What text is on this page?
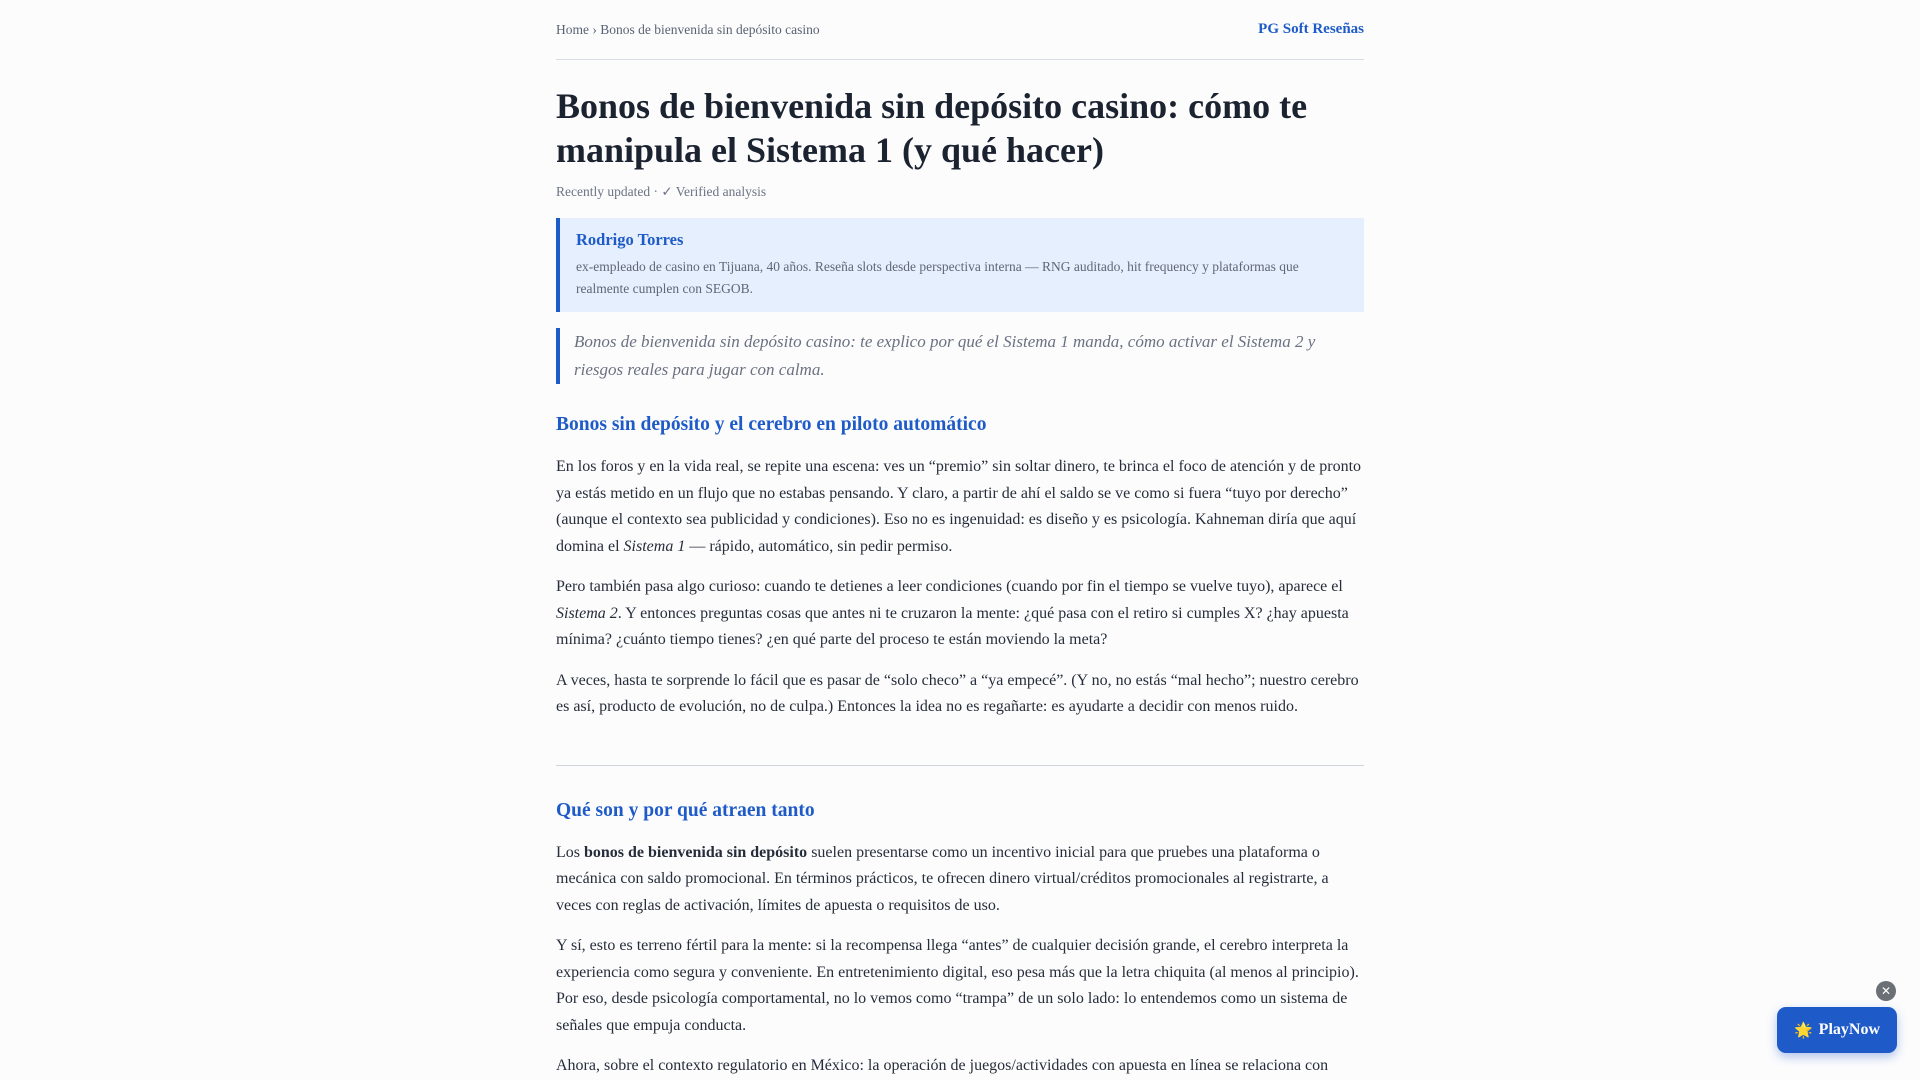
Home › Bonos de bienvenida sin depósito casino	PG Soft Reseñas
Bonos de bienvenida sin depósito casino: cómo te manipula el Sistema 1 (y qué hacer)
Recently updated · ✓ Verified analysis
Rodrigo Torres
ex-empleado de casino en Tijuana, 40 años. Reseña slots desde perspectiva interna — RNG auditado, hit frequency y plataformas que realmente cumplen con SEGOB.
Bonos de bienvenida sin depósito casino: te explico por qué el Sistema 1 manda, cómo activar el Sistema 2 y riesgos reales para jugar con calma.
Bonos sin depósito y el cerebro en piloto automático

En los foros y en la vida real, se repite una escena: ves un “premio” sin soltar dinero, te brinca el foco de atención y de pronto ya estás metido en un flujo que no estabas pensando. Y claro, a partir de ahí el saldo se ve como si fuera “tuyo por derecho” (aunque el contexto sea publicidad y condiciones). Eso no es ingenuidad: es diseño y es psicología. Kahneman diría que aquí domina el Sistema 1 — rápido, automático, sin pedir permiso.

Pero también pasa algo curioso: cuando te detienes a leer condiciones (cuando por fin el tiempo se vuelve tuyo), aparece el Sistema 2. Y entonces preguntas cosas que antes ni te cruzaron la mente: ¿qué pasa con el retiro si cumples X? ¿hay apuesta mínima? ¿cuánto tiempo tienes? ¿en qué parte del proceso te están moviendo la meta?

A veces, hasta te sorprende lo fácil que es pasar de “solo checo” a “ya empecé”. (Y no, no estás “mal hecho”; nuestro cerebro es así, producto de evolución, no de culpa.) Entonces la idea no es regañarte: es ayudarte a decidir con menos ruido.

Qué son y por qué atraen tanto

Los bonos de bienvenida sin depósito suelen presentarse como un incentivo inicial para que pruebes una plataforma o mecánica con saldo promocional. En términos prácticos, te ofrecen dinero virtual/créditos promocionales al registrarte, a veces con reglas de activación, límites de apuesta o requisitos de uso.

Y sí, esto es terreno fértil para la mente: si la recompensa llega “antes” de cualquier decisión grande, el cerebro interpreta la experiencia como segura y conveniente. En entretenimiento digital, eso pesa más que la letra chiquita (al menos al principio). Por eso, desde psicología comportamental, no lo vemos como “trampa” de un solo lado: lo entendemos como un sistema de señales que empuja conducta.

Ahora, sobre el contexto regulatorio en México: la operación de juegos/actividades con apuesta en línea se relaciona con

✕
🌟 PlayNow
